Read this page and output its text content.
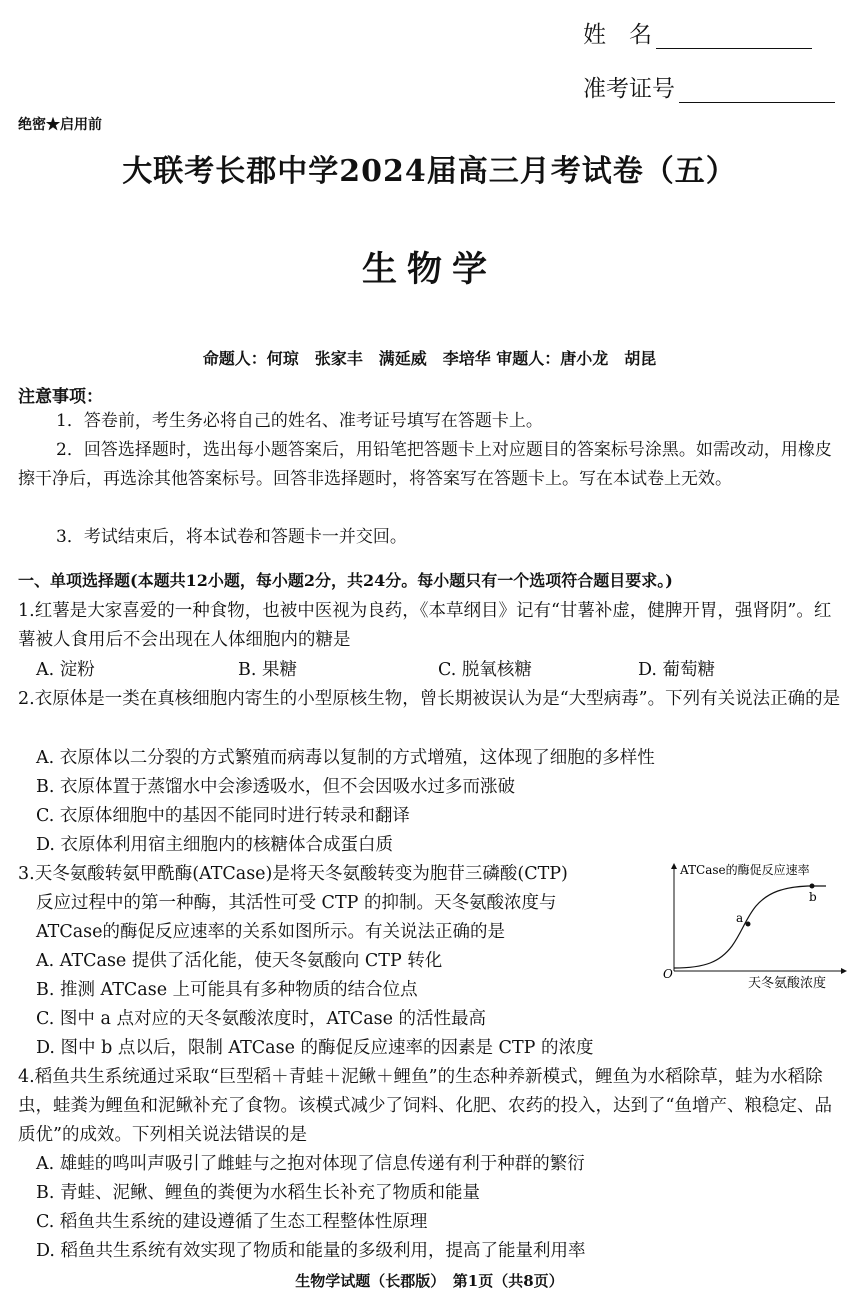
姓　名
准考证号
绝密★启用前
大联考长郡中学2024届高三月考试卷（五）
生物学
命题人：何琼　张家丰　满延威　李培华 审题人：唐小龙　胡昆
注意事项：
1．答卷前，考生务必将自己的姓名、准考证号填写在答题卡上。
2．回答选择题时，选出每小题答案后，用铅笔把答题卡上对应题目的答案标号涂黑。如需改动，用橡皮擦干净后，再选涂其他答案标号。回答非选择题时，将答案写在答题卡上。写在本试卷上无效。
3．考试结束后，将本试卷和答题卡一并交回。
一、单项选择题(本题共12小题，每小题2分，共24分。每小题只有一个选项符合题目要求。)
1.红薯是大家喜爱的一种食物，也被中医视为良药，《本草纲目》记有“甘薯补虚，健脾开胃，强肾阴”。红薯被人食用后不会出现在人体细胞内的糖是
A. 淀粉	B. 果糖	C. 脱氧核糖	D. 葡萄糖
2.衣原体是一类在真核细胞内寄生的小型原核生物，曾长期被误认为是“大型病毒”。下列有关说法正确的是
A. 衣原体以二分裂的方式繁殖而病毒以复制的方式增殖，这体现了细胞的多样性
B. 衣原体置于蒸馏水中会渗透吸水，但不会因吸水过多而涨破
C. 衣原体细胞中的基因不能同时进行转录和翻译
D. 衣原体利用宿主细胞内的核糖体合成蛋白质
3.天冬氨酸转氨甲酰酶(ATCase)是将天冬氨酸转变为胞苷三磷酸(CTP)
反应过程中的第一种酶，其活性可受 CTP 的抑制。天冬氨酸浓度与
ATCase的酶促反应速率的关系如图所示。有关说法正确的是
A. ATCase 提供了活化能，使天冬氨酸向 CTP 转化
B. 推测 ATCase 上可能具有多种物质的结合位点
C. 图中 a 点对应的天冬氨酸浓度时，ATCase 的活性最高
D. 图中 b 点以后，限制 ATCase 的酶促反应速率的因素是 CTP 的浓度
ATCase的酶促反应速率
O
天冬氨酸浓度
a
b
4.稻鱼共生系统通过采取“巨型稻＋青蛙＋泥鳅＋鲤鱼”的生态种养新模式，鲤鱼为水稻除草，蛙为水稻除虫，蛙粪为鲤鱼和泥鳅补充了食物。该模式减少了饲料、化肥、农药的投入，达到了“鱼增产、粮稳定、品质优”的成效。下列相关说法错误的是
A. 雄蛙的鸣叫声吸引了雌蛙与之抱对体现了信息传递有利于种群的繁衍
B. 青蛙、泥鳅、鲤鱼的粪便为水稻生长补充了物质和能量
C. 稻鱼共生系统的建设遵循了生态工程整体性原理
D. 稻鱼共生系统有效实现了物质和能量的多级利用，提高了能量利用率
生物学试题（长郡版）　第1页（共8页）
